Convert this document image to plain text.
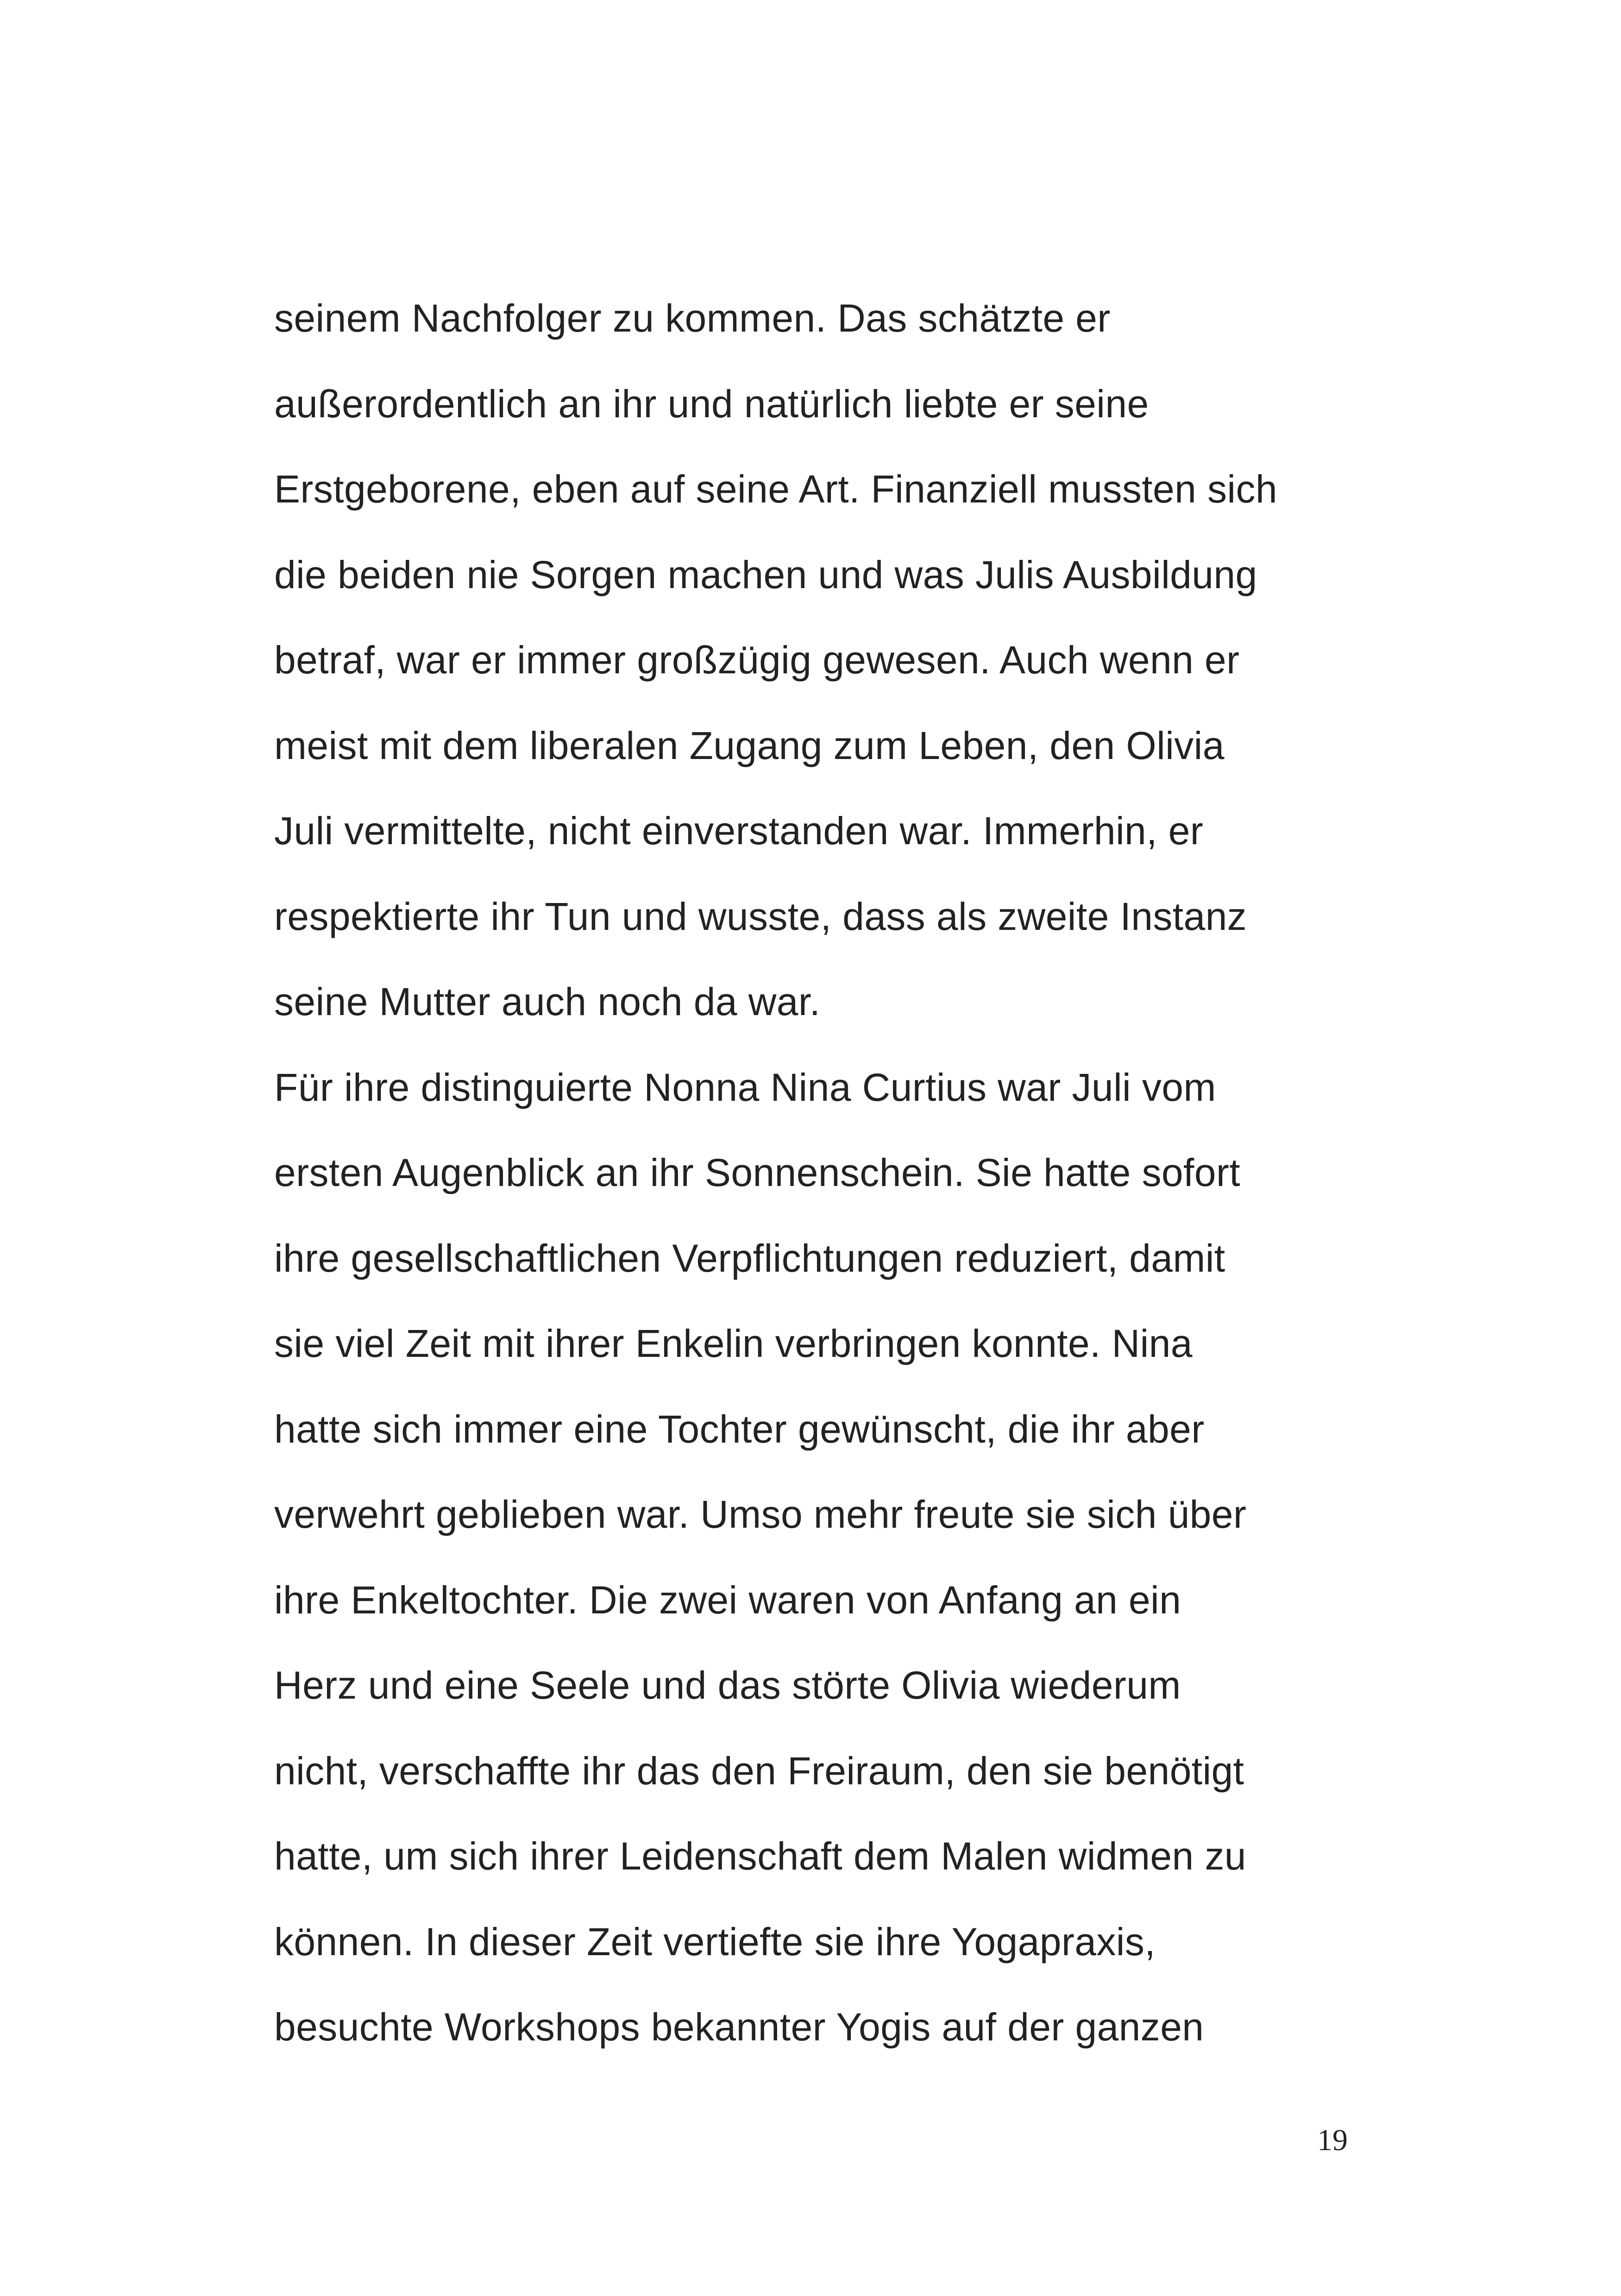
seinem Nachfolger zu kommen. Das schätzte er
außerordentlich an ihr und natürlich liebte er seine
Erstgeborene, eben auf seine Art. Finanziell mussten sich
die beiden nie Sorgen machen und was Julis Ausbildung
betraf, war er immer großzügig gewesen. Auch wenn er
meist mit dem liberalen Zugang zum Leben, den Olivia
Juli vermittelte, nicht einverstanden war. Immerhin, er
respektierte ihr Tun und wusste, dass als zweite Instanz
seine Mutter auch noch da war.
Für ihre distinguierte Nonna Nina Curtius war Juli vom
ersten Augenblick an ihr Sonnenschein. Sie hatte sofort
ihre gesellschaftlichen Verpflichtungen reduziert, damit
sie viel Zeit mit ihrer Enkelin verbringen konnte. Nina
hatte sich immer eine Tochter gewünscht, die ihr aber
verwehrt geblieben war. Umso mehr freute sie sich über
ihre Enkeltochter. Die zwei waren von Anfang an ein
Herz und eine Seele und das störte Olivia wiederum
nicht, verschaffte ihr das den Freiraum, den sie benötigt
hatte, um sich ihrer Leidenschaft dem Malen widmen zu
können. In dieser Zeit vertiefte sie ihre Yogapraxis,
besuchte Workshops bekannter Yogis auf der ganzen
19
